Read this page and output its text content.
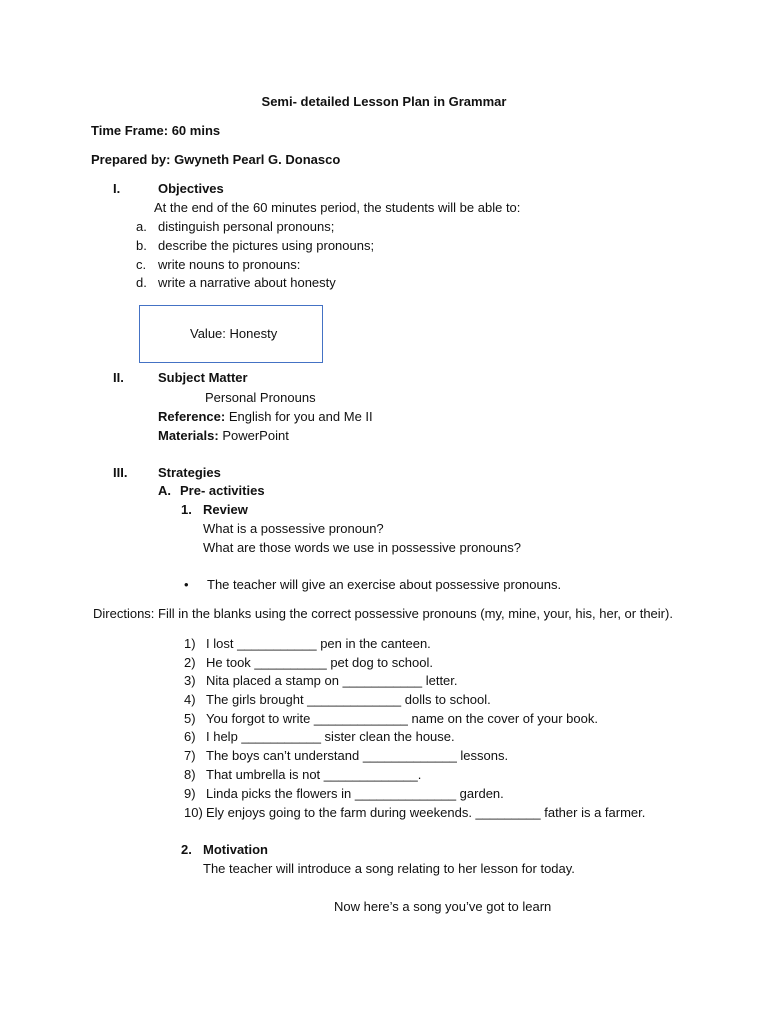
Semi- detailed Lesson Plan in Grammar
Time Frame: 60 mins
Prepared by: Gwyneth Pearl G. Donasco
I.	Objectives
At the end of the 60 minutes period, the students will be able to:
a. distinguish personal pronouns;
b. describe the pictures using pronouns;
c. write nouns to pronouns:
d. write a narrative about honesty
Value: Honesty
II.	Subject Matter
Personal Pronouns
Reference: English for you and Me II
Materials: PowerPoint
III. Strategies
A. Pre- activities
1. Review
What is a possessive pronoun?
What are those words we use in possessive pronouns?
• The teacher will give an exercise about possessive pronouns.
Directions: Fill in the blanks using the correct possessive pronouns (my, mine, your, his, her, or their).
1) I lost ___________ pen in the canteen.
2) He took __________ pet dog to school.
3) Nita placed a stamp on ___________ letter.
4) The girls brought _____________ dolls to school.
5) You forgot to write _____________ name on the cover of your book.
6) I help ___________ sister clean the house.
7) The boys can’t understand _____________ lessons.
8) That umbrella is not _____________.
9) Linda picks the flowers in ______________ garden.
10) Ely enjoys going to the farm during weekends. _________ father is a farmer.
2. Motivation
The teacher will introduce a song relating to her lesson for today.
Now here’s a song you’ve got to learn
